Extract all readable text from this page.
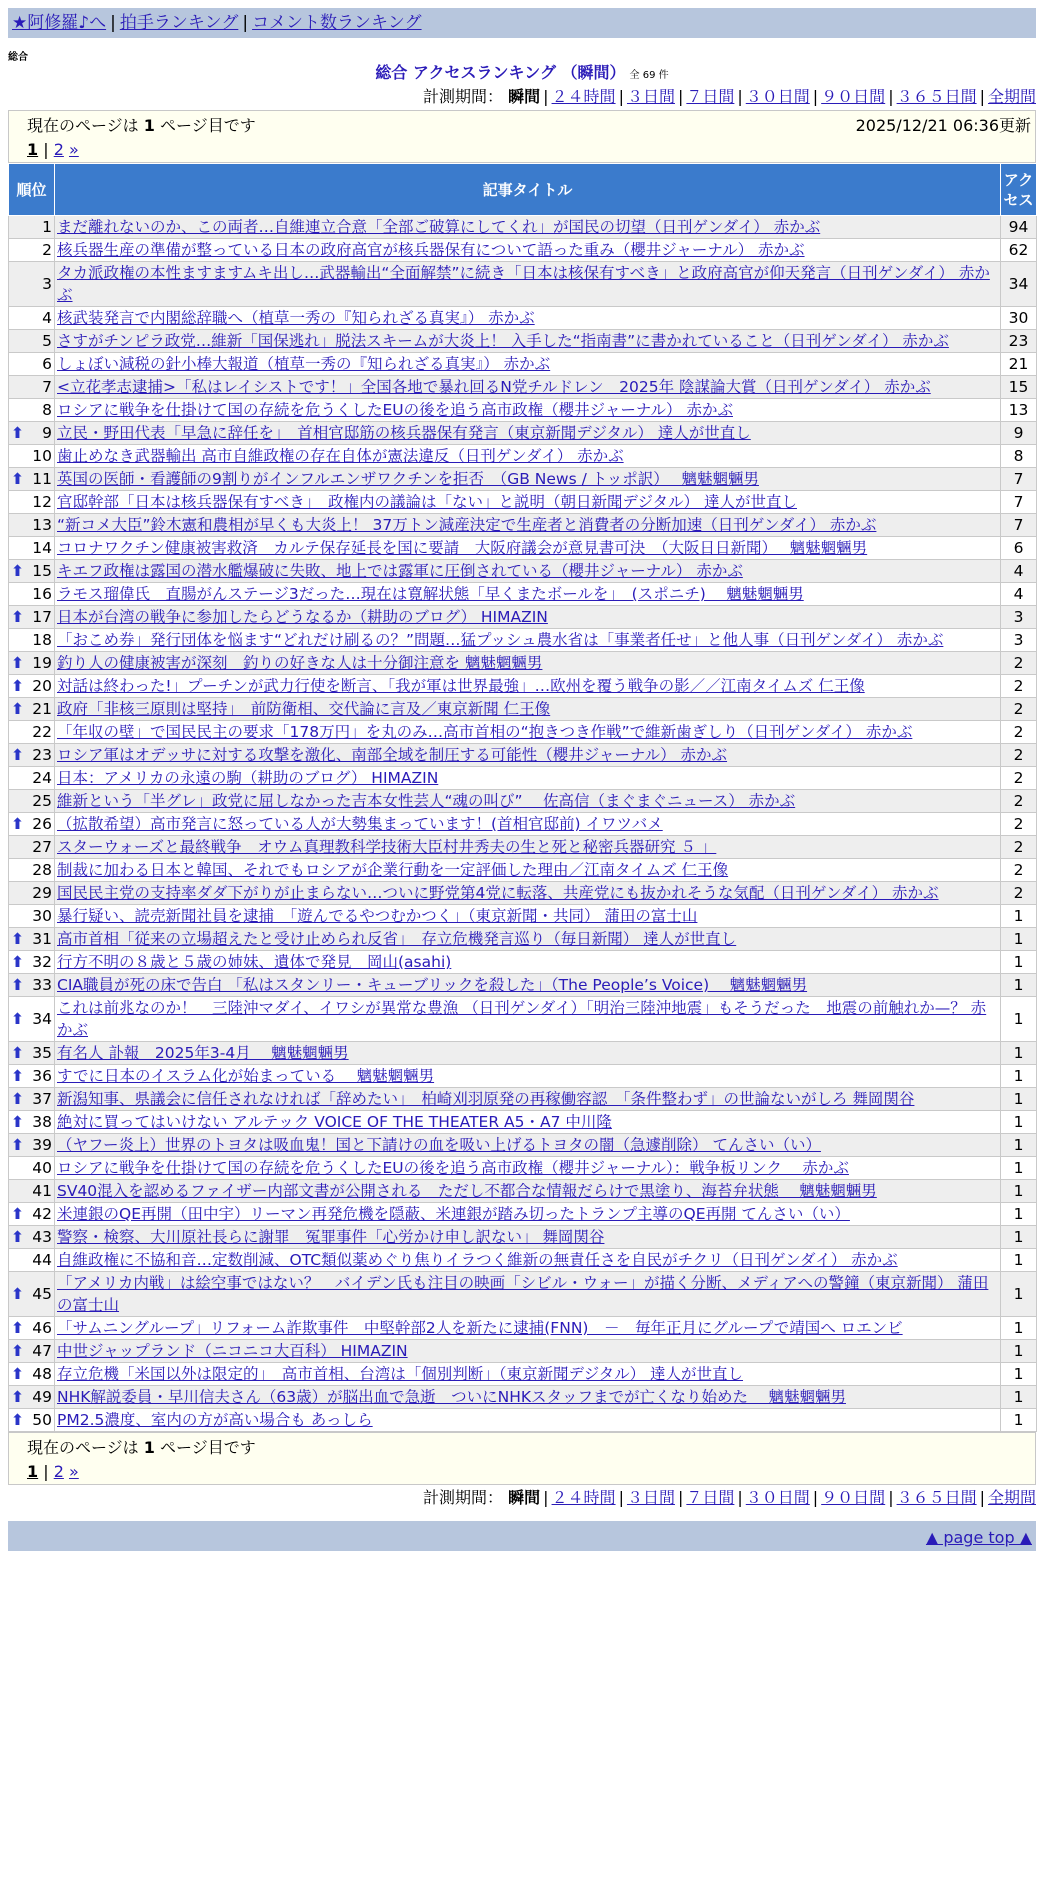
★阿修羅♪へ | 拍手ランキング | コメント数ランキング
総合
総合 アクセスランキング （瞬間） 全 69 件
計測期間： 瞬間 | ２４時間 | ３日間 | ７日間 | ３０日間 | ９０日間 | ３６５日間 | 全期間
現在のページは 1 ページ目です	2025/12/21 06:36更新
1 | 2 »
順位	記事タイトル	アクセス
1	まだ離れないのか、この両者…自維連立合意「全部ご破算にしてくれ」が国民の切望（日刊ゲンダイ） 赤かぶ	94
2	核兵器生産の準備が整っている日本の政府高官が核兵器保有について語った重み（櫻井ジャーナル） 赤かぶ	62
3	タカ派政権の本性ますますムキ出し…武器輸出“全面解禁”に続き「日本は核保有すべき」と政府高官が仰天発言（日刊ゲンダイ） 赤かぶ	34
4	核武装発言で内閣総辞職へ（植草一秀の『知られざる真実』） 赤かぶ	30
5	さすがチンピラ政党…維新「国保逃れ」脱法スキームが大炎上！ 入手した“指南書”に書かれていること（日刊ゲンダイ） 赤かぶ	23
6	しょぼい減税の針小棒大報道（植草一秀の『知られざる真実』） 赤かぶ	21
7	<立花孝志逮捕>「私はレイシストです！」全国各地で暴れ回るN党チルドレン　2025年 陰謀論大賞（日刊ゲンダイ） 赤かぶ	15
8	ロシアに戦争を仕掛けて国の存続を危うくしたEUの後を追う高市政権（櫻井ジャーナル） 赤かぶ	13

⬆ 9	立民・野田代表「早急に辞任を」　首相官邸筋の核兵器保有発言（東京新聞デジタル） 達人が世直し	9
10	歯止めなき武器輸出 高市自維政権の存在自体が憲法違反（日刊ゲンダイ） 赤かぶ	8

⬆ 11	英国の医師・看護師の9割りがインフルエンザワクチンを拒否　（GB News / トッポ訳）　 魑魅魍魎男	7
12	官邸幹部「日本は核兵器保有すべき」　政権内の議論は「ない」と説明（朝日新聞デジタル） 達人が世直し	7
13	“新コメ大臣”鈴木憲和農相が早くも大炎上！ 37万トン減産決定で生産者と消費者の分断加速（日刊ゲンダイ） 赤かぶ	7
14	コロナワクチン健康被害救済　カルテ保存延長を国に要請　大阪府議会が意見書可決　（大阪日日新聞）　 魑魅魍魎男	6

⬆ 15	キエフ政権は露国の潜水艦爆破に失敗、地上では露軍に圧倒されている（櫻井ジャーナル） 赤かぶ	4
16	ラモス瑠偉氏　直腸がんステージ3だった…現在は寛解状態「早くまたボールを」　(スポニチ)　 魑魅魍魎男	4

⬆ 17	日本が台湾の戦争に参加したらどうなるか（耕助のブログ） HIMAZIN	3
18	「おこめ券」発行団体を悩ます“どれだけ刷るの？”問題…猛プッシュ農水省は「事業者任せ」と他人事（日刊ゲンダイ） 赤かぶ	3

⬆ 19	釣り人の健康被害が深刻　釣りの好きな人は十分御注意を 魑魅魍魎男	2

⬆ 20	対話は終わった!」プーチンが武力行使を断言、「我が軍は世界最強」…欧州を覆う戦争の影／／江南タイムズ 仁王像	2

⬆ 21	政府「非核三原則は堅持」　前防衛相、交代論に言及／東京新聞 仁王像	2
22	「年収の壁」で国民民主の要求「178万円」を丸のみ…高市首相の“抱きつき作戦”で維新歯ぎしり（日刊ゲンダイ） 赤かぶ	2

⬆ 23	ロシア軍はオデッサに対する攻撃を激化、南部全域を制圧する可能性（櫻井ジャーナル） 赤かぶ	2
24	日本：アメリカの永遠の駒（耕助のブログ） HIMAZIN	2
25	維新という「半グレ」政党に屈しなかった吉本女性芸人“魂の叫び”　 佐高信（まぐまぐニュース） 赤かぶ	2

⬆ 26	（拡散希望）高市発言に怒っている人が大勢集まっています！(首相官邸前) イワツバメ	2
27	スターウォーズと最終戦争　オウム真理教科学技術大臣村井秀夫の生と死と秘密兵器研究 ５ 」	2
28	制裁に加わる日本と韓国、それでもロシアが企業行動を一定評価した理由／江南タイムズ 仁王像	2
29	国民民主党の支持率ダダ下がりが止まらない…ついに野党第4党に転落、共産党にも抜かれそうな気配（日刊ゲンダイ） 赤かぶ	2
30	暴行疑い、読売新聞社員を逮捕　「遊んでるやつむかつく」（東京新聞・共同） 蒲田の富士山	1

⬆ 31	高市首相「従来の立場超えたと受け止められ反省」　存立危機発言巡り（毎日新聞） 達人が世直し	1

⬆ 32	行方不明の８歳と５歳の姉妹、遺体で発見　岡山(asahi)	1

⬆ 33	CIA職員が死の床で告白 「私はスタンリー・キューブリックを殺した」（The People’s Voice)　 魑魅魍魎男	1

⬆ 34	これは前兆なのか！　三陸沖マダイ、イワシが異常な豊漁 （日刊ゲンダイ）「明治三陸沖地震」もそうだった　地震の前触れか—？ 赤かぶ	1

⬆ 35	有名人 訃報　2025年3-4月　 魑魅魍魎男	1

⬆ 36	すでに日本のイスラム化が始まっている　 魑魅魍魎男	1

⬆ 37	新潟知事、県議会に信任されなければ「辞めたい」　柏崎刈羽原発の再稼働容認　「条件整わず」の世論ないがしろ 舞岡関谷	1

⬆ 38	絶対に買ってはいけない アルテック VOICE OF THE THEATER A5・A7 中川隆	1

⬆ 39	（ヤフー炎上）世界のトヨタは吸血鬼！国と下請けの血を吸い上げるトヨタの闇（急遽削除） てんさい（い）	1
40	ロシアに戦争を仕掛けて国の存続を危うくしたEUの後を追う高市政権（櫻井ジャーナル）：戦争板リンク　 赤かぶ	1
41	SV40混入を認めるファイザー内部文書が公開される　ただし不都合な情報だらけで黒塗り、海苔弁状態　 魑魅魍魎男	1

⬆ 42	米連銀のQE再開（田中宇）リーマン再発危機を隠蔽、米連銀が踏み切ったトランプ主導のQE再開 てんさい（い）	1

⬆ 43	警察・検察、大川原社長らに謝罪　冤罪事件「心労かけ申し訳ない」 舞岡関谷	1
44	自維政権に不協和音…定数削減、OTC類似薬めぐり焦りイラつく維新の無責任さを自民がチクリ（日刊ゲンダイ） 赤かぶ	1

⬆ 45	「アメリカ内戦」は絵空事ではない？　バイデン氏も注目の映画「シビル・ウォー」が描く分断、メディアへの警鐘（東京新聞） 蒲田の富士山	1

⬆ 46	「サムニングループ」リフォーム詐欺事件　中堅幹部2人を新たに逮捕(FNN)　－　毎年正月にグループで靖国へ ロエンビ	1

⬆ 47	中世ジャップランド（ニコニコ大百科） HIMAZIN	1

⬆ 48	存立危機「米国以外は限定的」　高市首相、台湾は「個別判断」（東京新聞デジタル） 達人が世直し	1

⬆ 49	NHK解説委員・早川信夫さん（63歳）が脳出血で急逝　ついにNHKスタッフまでが亡くなり始めた　 魑魅魍魎男	1

⬆ 50	PM2.5濃度、室内の方が高い場合も あっしら	1
現在のページは 1 ページ目です
1 | 2 »
計測期間： 瞬間 | ２４時間 | ３日間 | ７日間 | ３０日間 | ９０日間 | ３６５日間 | 全期間
▲ page top ▲
